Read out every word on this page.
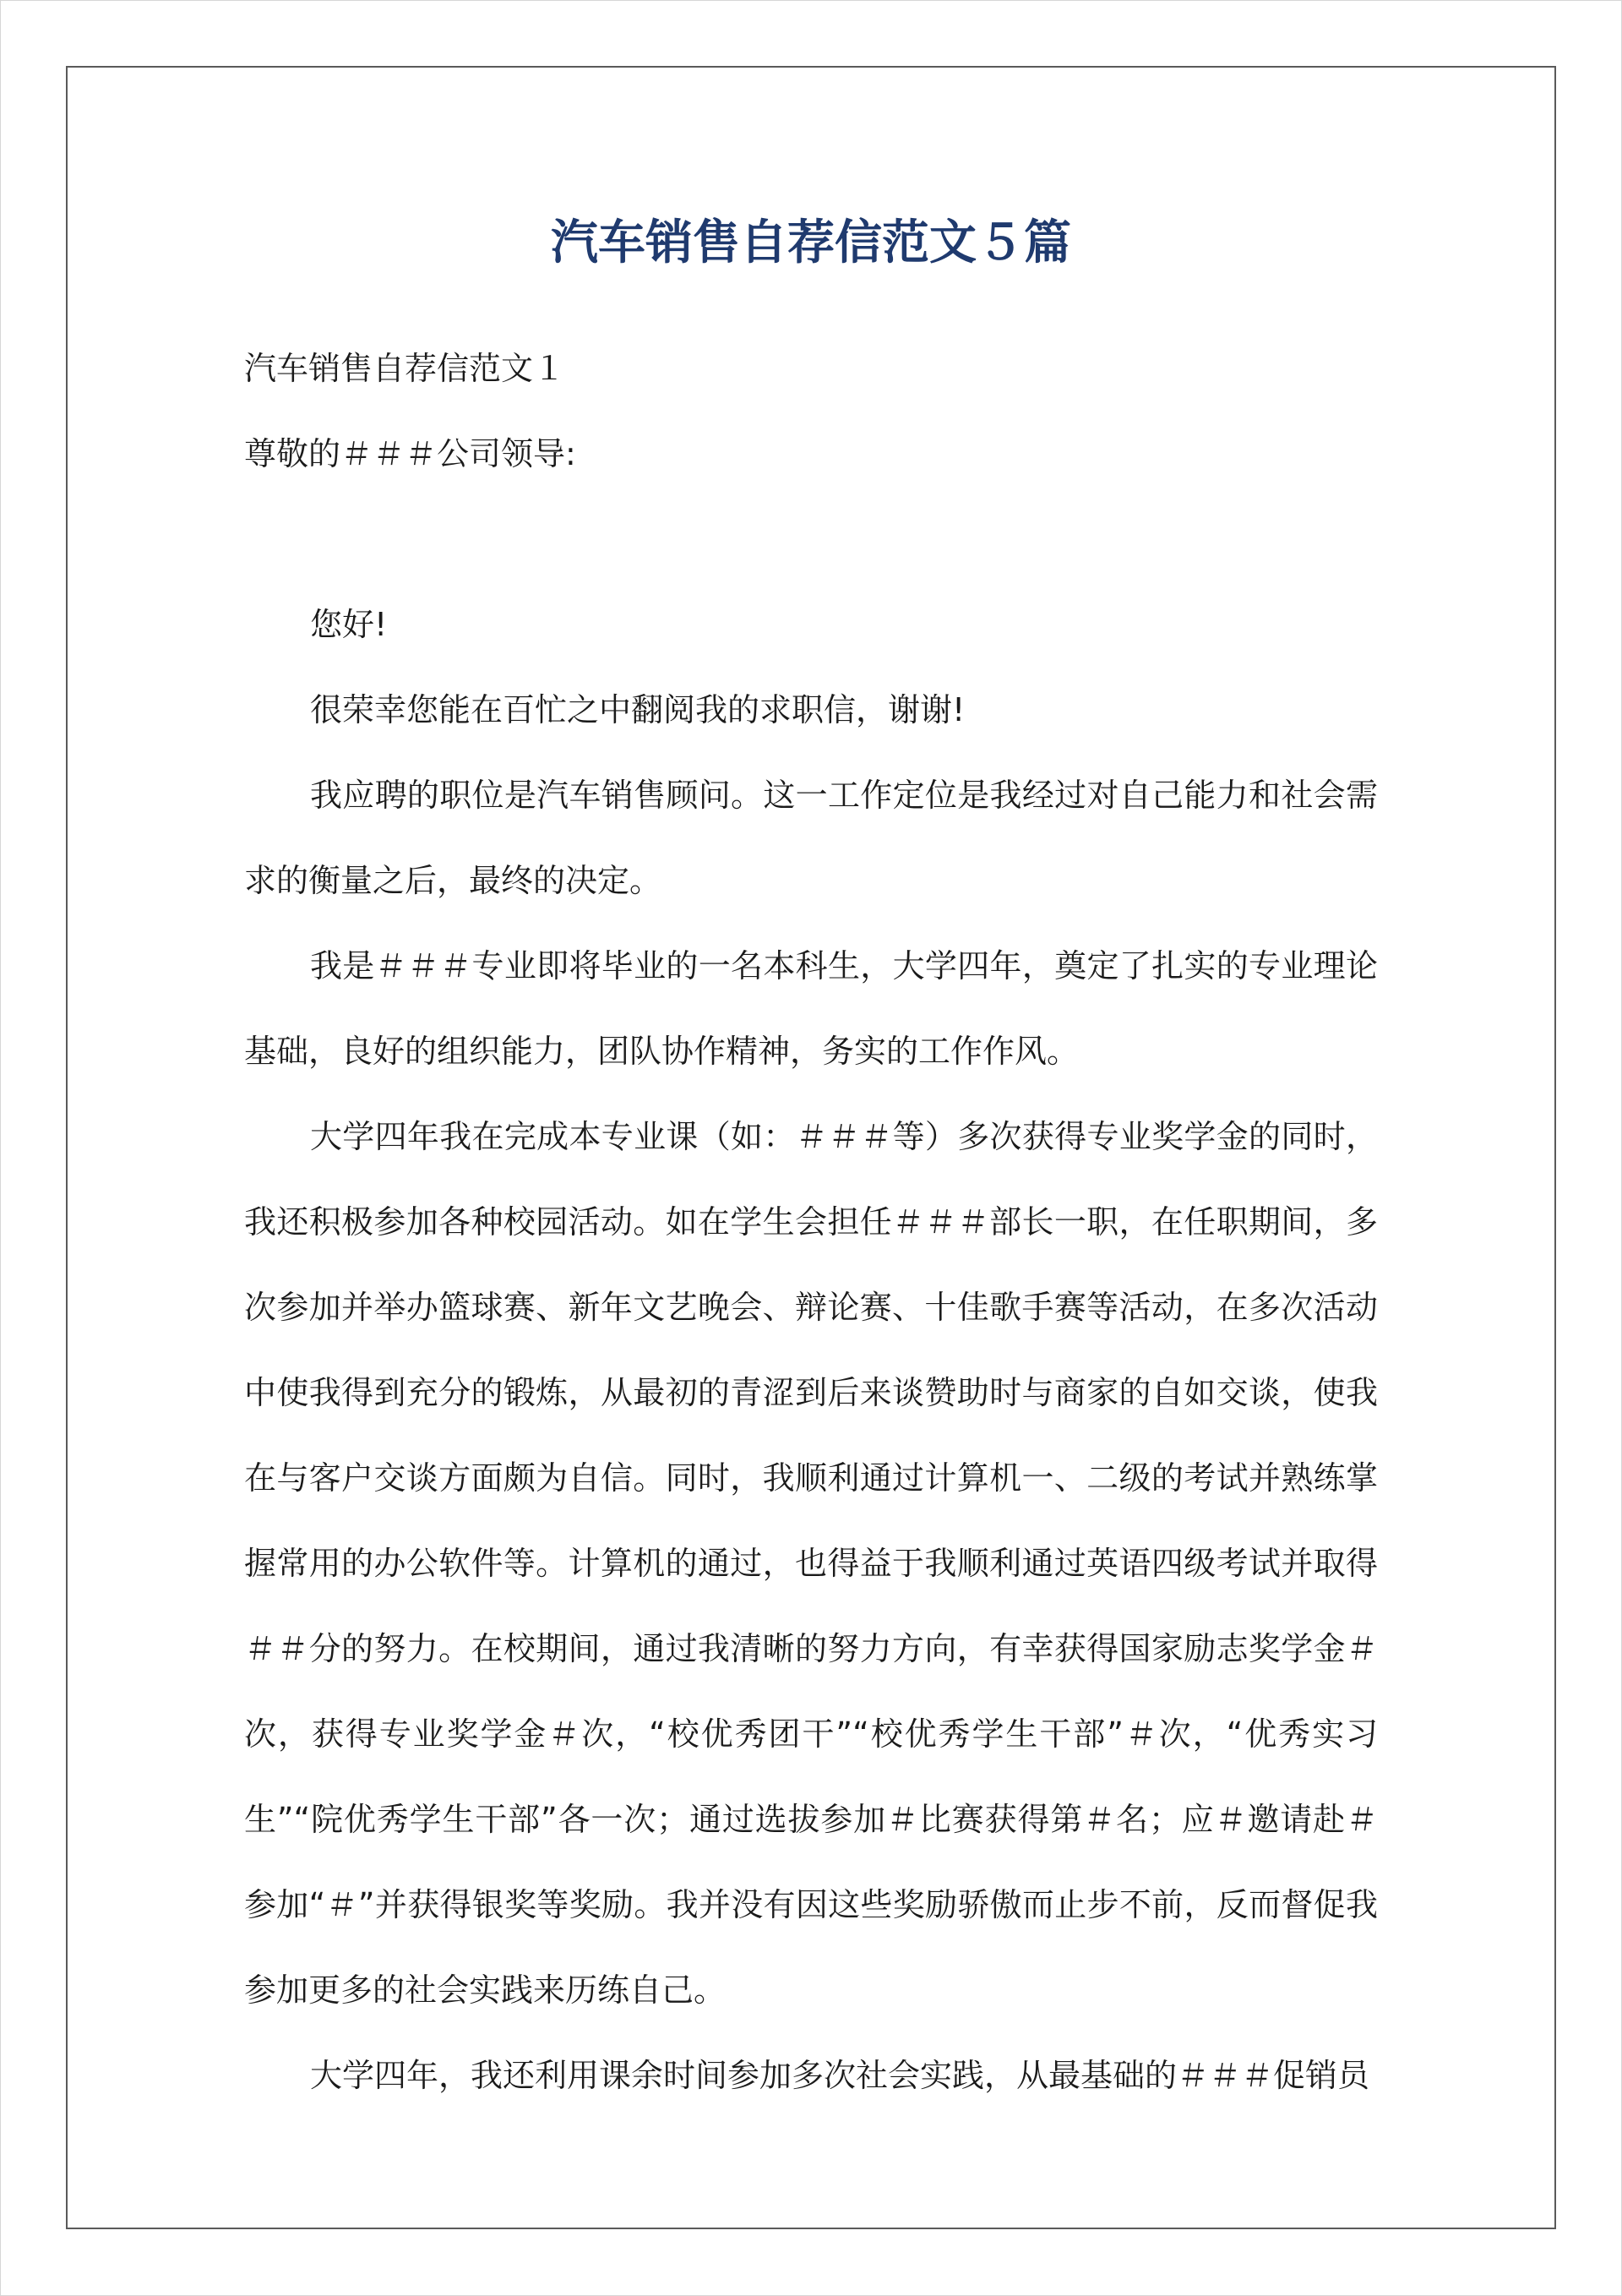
汽车销售自荐信范文５篇

汽车销售自荐信范文１

尊敬的＃＃＃公司领导:

您好!

很荣幸您能在百忙之中翻阅我的求职信，谢谢!

我应聘的职位是汽车销售顾问。这一工作定位是我经过对自己能力和社会需求的衡量之后，最终的决定。

我是＃＃＃专业即将毕业的一名本科生，大学四年，奠定了扎实的专业理论基础，良好的组织能力，团队协作精神，务实的工作作风。

大学四年我在完成本专业课（如：＃＃＃等）多次获得专业奖学金的同时，我还积极参加各种校园活动。如在学生会担任＃＃＃部长一职，在任职期间，多次参加并举办篮球赛、新年文艺晚会、辩论赛、十佳歌手赛等活动，在多次活动中使我得到充分的锻炼，从最初的青涩到后来谈赞助时与商家的自如交谈，使我在与客户交谈方面颇为自信。同时，我顺利通过计算机一、二级的考试并熟练掌握常用的办公软件等。计算机的通过，也得益于我顺利通过英语四级考试并取得＃＃分的努力。在校期间，通过我清晰的努力方向，有幸获得国家励志奖学金＃次，获得专业奖学金＃次，“校优秀团干”“校优秀学生干部”＃次，“优秀实习生”“院优秀学生干部”各一次；通过选拔参加＃比赛获得第＃名；应＃邀请赴＃参加“＃”并获得银奖等奖励。我并没有因这些奖励骄傲而止步不前，反而督促我参加更多的社会实践来历练自己。

大学四年，我还利用课余时间参加多次社会实践，从最基础的＃＃＃促销员
